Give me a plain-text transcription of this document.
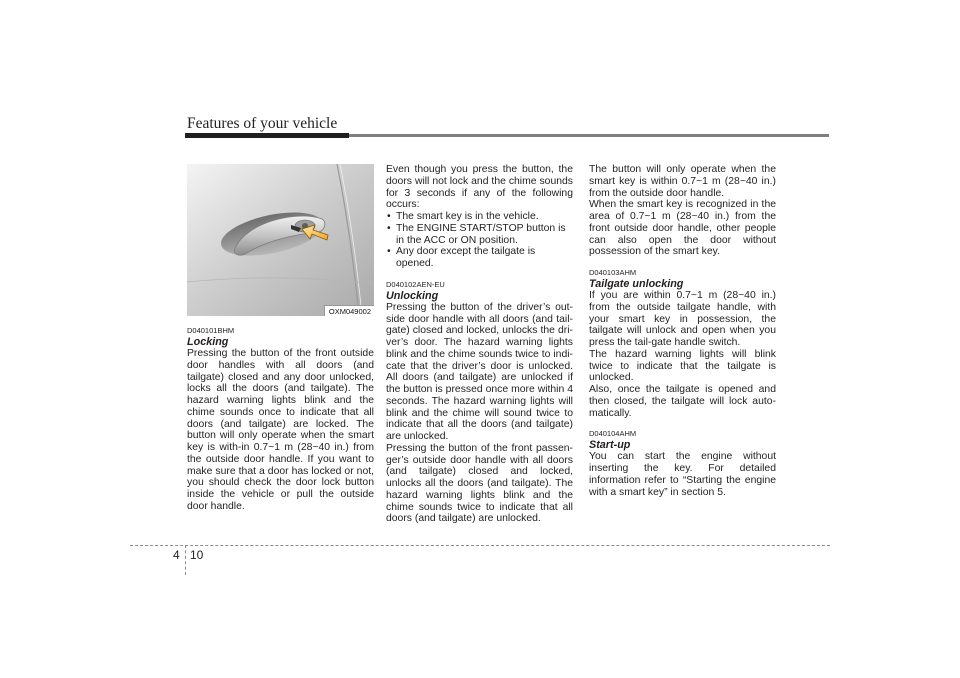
Features of your vehicle
OXM049002
D040101BHM
Locking

Pressing the button of the front outside door handles with all doors (and tailgate) closed and any door unlocked, locks all the doors (and tailgate). The hazard warning lights blink and the chime sounds once to indicate that all doors (and tailgate) are locked. The button will only operate when the smart key is with-in 0.7~1 m (28~40 in.) from the outside door handle. If you want to make sure that a door has locked or not, you should check the door lock button inside the vehicle or pull the outside door handle.

Even though you press the button, the doors will not lock and the chime sounds for 3 seconds if any of the following occurs:

• The smart key is in the vehicle.
• The ENGINE START/STOP button is in the ACC or ON position.
• Any door except the tailgate is opened.
D040102AEN-EU
Unlocking

Pressing the button of the driver’s out-side door handle with all doors (and tail-gate) closed and locked, unlocks the dri-ver’s door. The hazard warning lights blink and the chime sounds twice to indi-cate that the driver’s door is unlocked. All doors (and tailgate) are unlocked if the button is pressed once more within 4 seconds. The hazard warning lights will blink and the chime will sound twice to indicate that all the doors (and tailgate) are unlocked.

Pressing the button of the front passen-ger’s outside door handle with all doors (and tailgate) closed and locked, unlocks all the doors (and tailgate). The hazard warning lights blink and the chime sounds twice to indicate that all doors (and tailgate) are unlocked.

The button will only operate when the smart key is within 0.7~1 m (28~40 in.) from the outside door handle.

When the smart key is recognized in the area of 0.7~1 m (28~40 in.) from the front outside door handle, other people can also open the door without possession of the smart key.

D040103AHM
Tailgate unlocking

If you are within 0.7~1 m (28~40 in.) from the outside tailgate handle, with your smart key in possession, the tailgate will unlock and open when you press the tail-gate handle switch.

The hazard warning lights will blink twice to indicate that the tailgate is unlocked.

Also, once the tailgate is opened and then closed, the tailgate will lock auto-matically.

D040104AHM
Start-up

You can start the engine without inserting the key. For detailed information refer to “Starting the engine with a smart key” in section 5.

4 10
